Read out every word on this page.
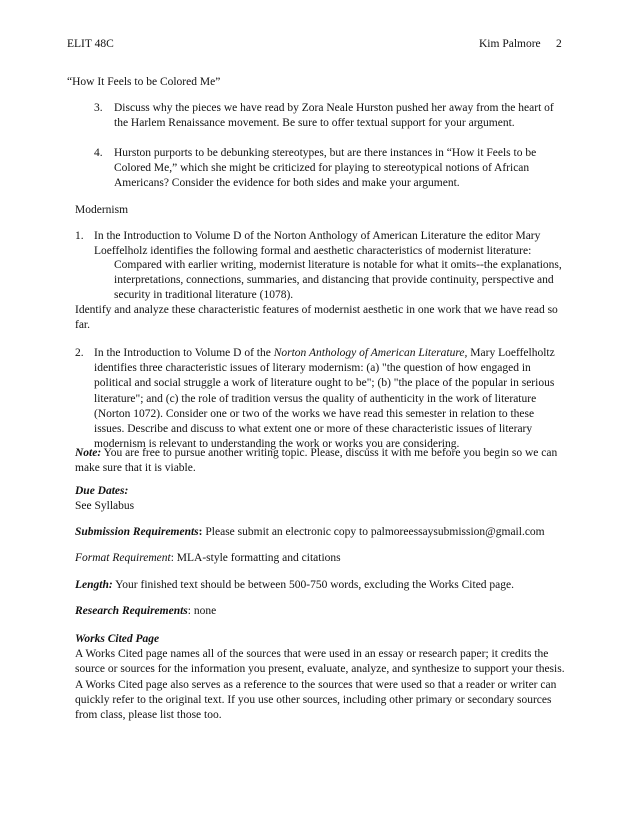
ELIT 48C	Kim Palmore 2
“How It Feels to be Colored Me”
3. Discuss why the pieces we have read by Zora Neale Hurston pushed her away from the heart of the Harlem Renaissance movement. Be sure to offer textual support for your argument.

4. Hurston purports to be debunking stereotypes, but are there instances in “How it Feels to be Colored Me,” which she might be criticized for playing to stereotypical notions of African Americans? Consider the evidence for both sides and make your argument.

Modernism
1. In the Introduction to Volume D of the Norton Anthology of American Literature the editor Mary Loeffelholz identifies the following formal and aesthetic characteristics of modernist literature:

Compared with earlier writing, modernist literature is notable for what it omits--the explanations, interpretations, connections, summaries, and distancing that provide continuity, perspective and security in traditional literature (1078).

Identify and analyze these characteristic features of modernist aesthetic in one work that we have read so far.

2. In the Introduction to Volume D of the Norton Anthology of American Literature, Mary Loeffelholtz identifies three characteristic issues of literary modernism: (a) "the question of how engaged in political and social struggle a work of literature ought to be"; (b) "the place of the popular in serious literature"; and (c) the role of tradition versus the quality of authenticity in the work of literature (Norton 1072). Consider one or two of the works we have read this semester in relation to these issues. Describe and discuss to what extent one or more of these characteristic issues of literary modernism is relevant to understanding the work or works you are considering.

Note: You are free to pursue another writing topic. Please, discuss it with me before you begin so we can make sure that it is viable.

Due Dates:
See Syllabus

Submission Requirements: Please submit an electronic copy to palmoreessaysubmission@gmail.com

Format Requirement: MLA-style formatting and citations

Length: Your finished text should be between 500-750 words, excluding the Works Cited page.

Research Requirements: none

Works Cited Page
A Works Cited page names all of the sources that were used in an essay or research paper; it credits the source or sources for the information you present, evaluate, analyze, and synthesize to support your thesis. A Works Cited page also serves as a reference to the sources that were used so that a reader or writer can quickly refer to the original text. If you use other sources, including other primary or secondary sources from class, please list those too.
